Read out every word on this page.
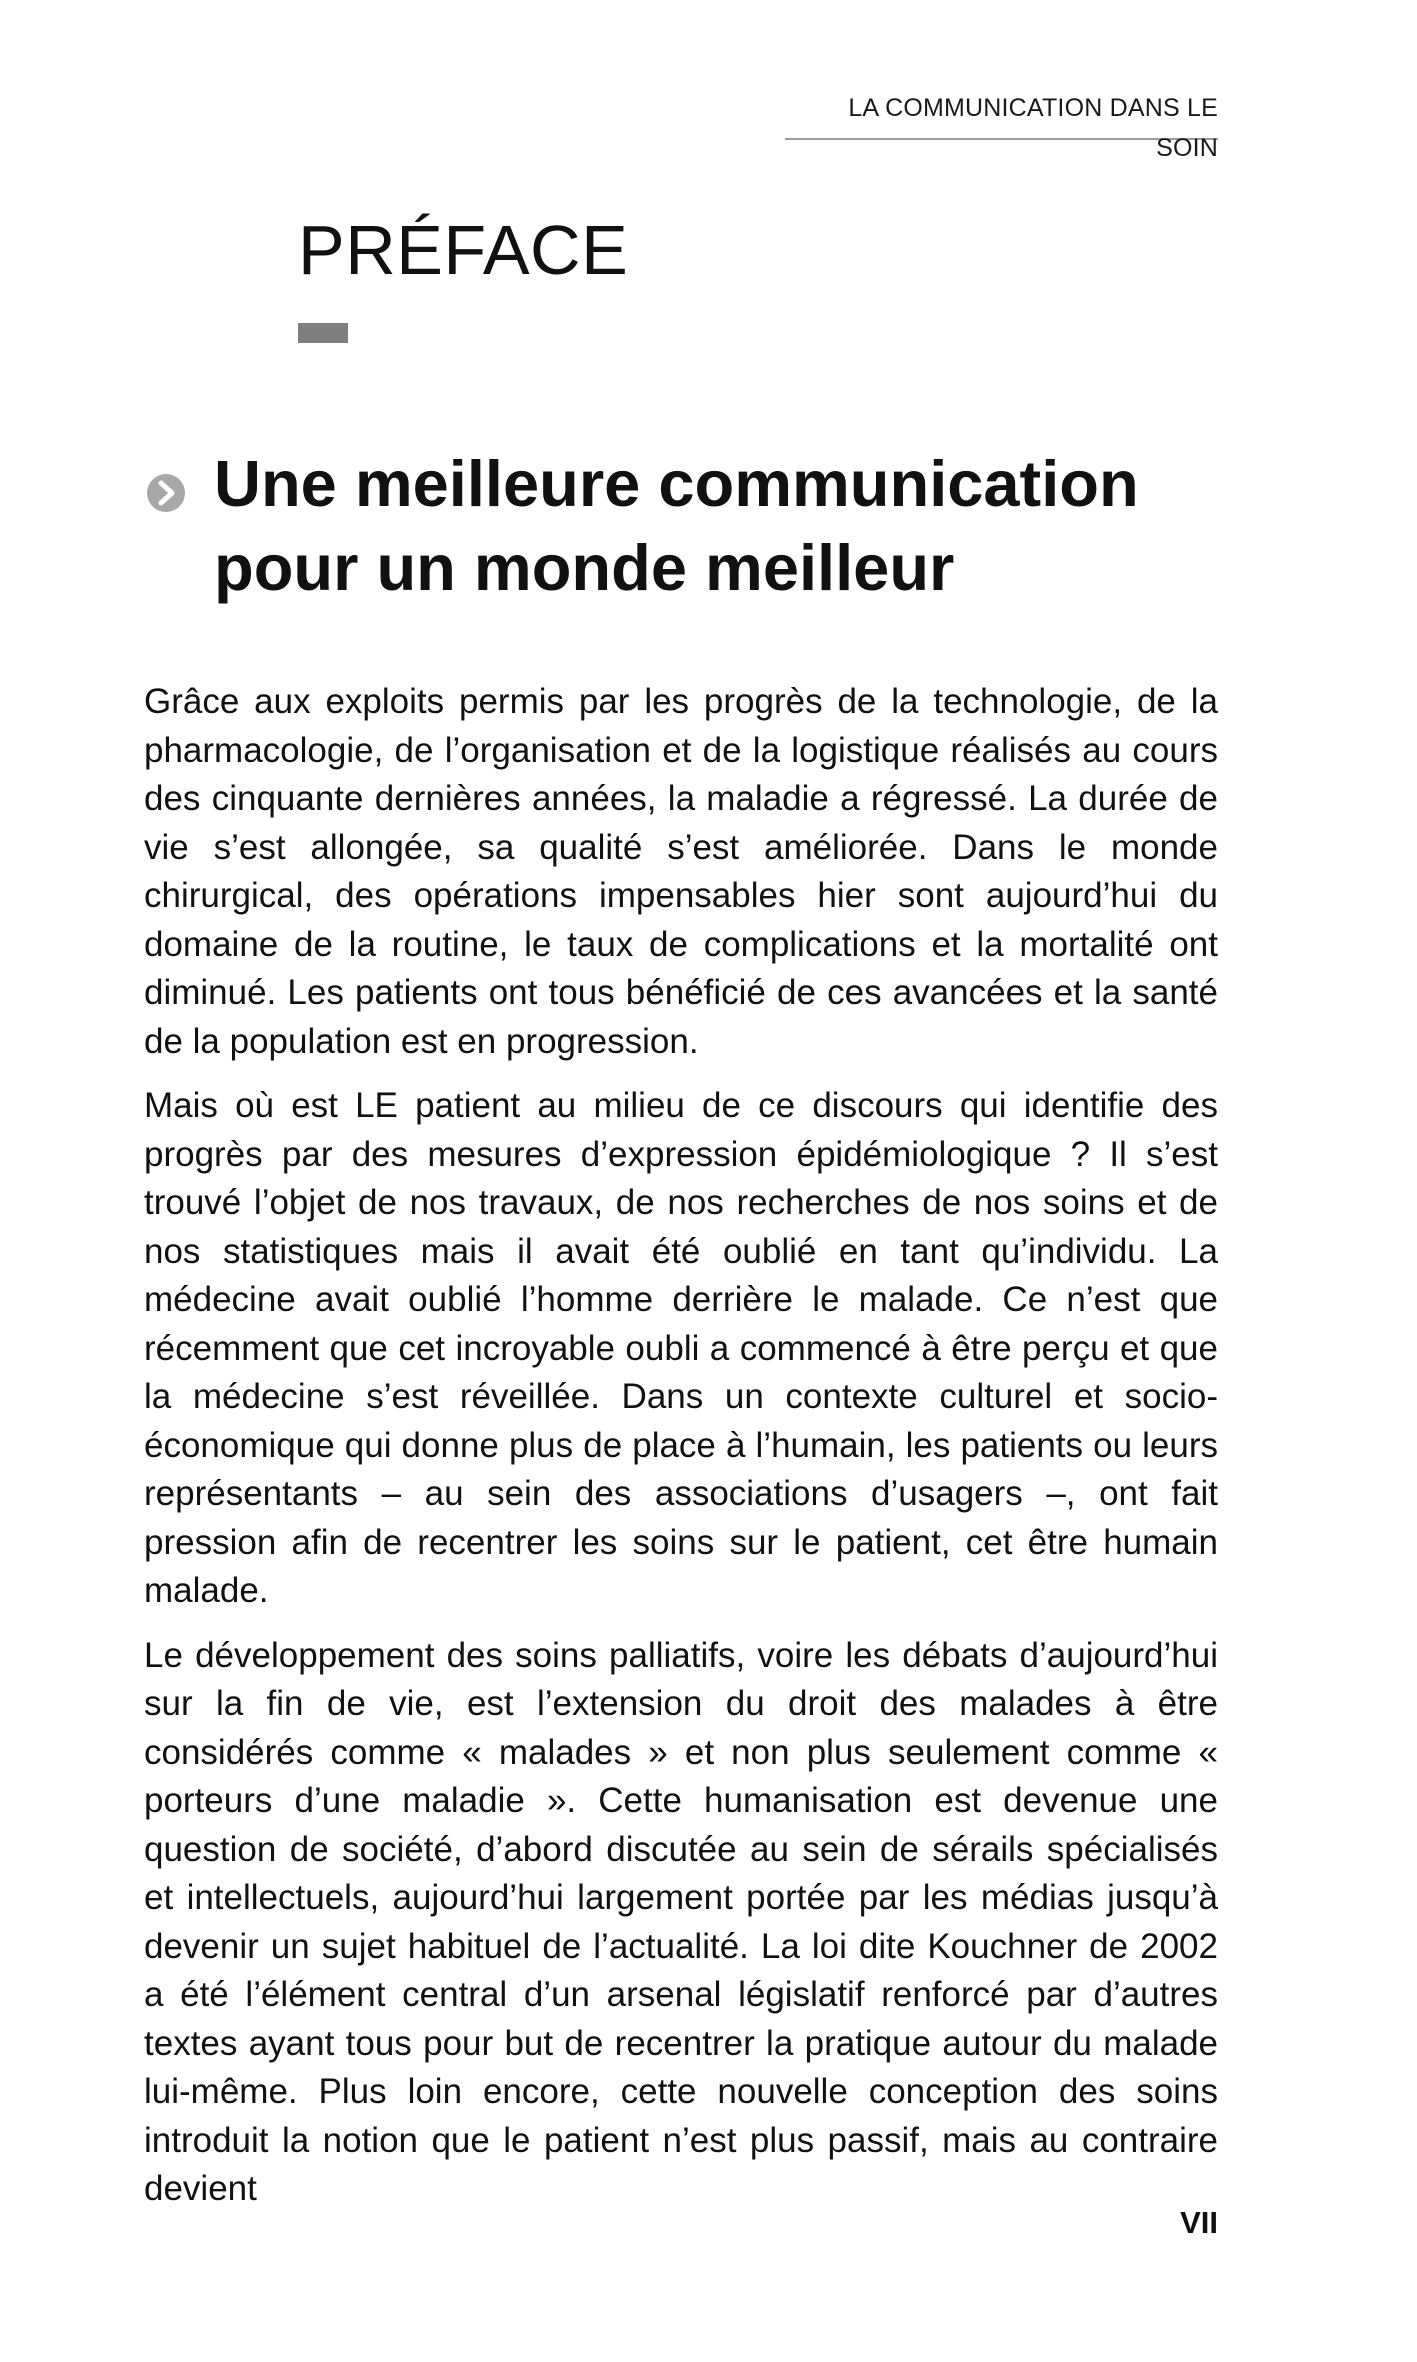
LA COMMUNICATION DANS LE SOIN
PRÉFACE
Une meilleure communication pour un monde meilleur

Grâce aux exploits permis par les progrès de la technologie, de la pharmacologie, de l’organisation et de la logistique réalisés au cours des cinquante dernières années, la maladie a régressé. La durée de vie s’est allongée, sa qualité s’est améliorée. Dans le monde chirurgical, des opérations impensables hier sont aujourd’hui du domaine de la routine, le taux de complications et la mortalité ont diminué. Les patients ont tous bénéficié de ces avancées et la santé de la population est en progression.

Mais où est LE patient au milieu de ce discours qui identifie des progrès par des mesures d’expression épidémiologique ? Il s’est trouvé l’objet de nos travaux, de nos recherches de nos soins et de nos statistiques mais il avait été oublié en tant qu’individu. La médecine avait oublié l’homme derrière le malade. Ce n’est que récemment que cet incroyable oubli a commencé à être perçu et que la médecine s’est réveillée. Dans un contexte culturel et socio-économique qui donne plus de place à l’humain, les patients ou leurs représentants – au sein des associations d’usagers –, ont fait pression afin de recentrer les soins sur le patient, cet être humain malade.

Le développement des soins palliatifs, voire les débats d’aujourd’hui sur la fin de vie, est l’extension du droit des malades à être considérés comme « malades » et non plus seulement comme « porteurs d’une maladie ». Cette humanisation est devenue une question de société, d’abord discutée au sein de sérails spécialisés et intellectuels, aujourd’hui largement portée par les médias jusqu’à devenir un sujet habituel de l’actualité. La loi dite Kouchner de 2002 a été l’élément central d’un arsenal législatif renforcé par d’autres textes ayant tous pour but de recentrer la pratique autour du malade lui-même. Plus loin encore, cette nouvelle conception des soins introduit la notion que le patient n’est plus passif, mais au contraire devient

VII
